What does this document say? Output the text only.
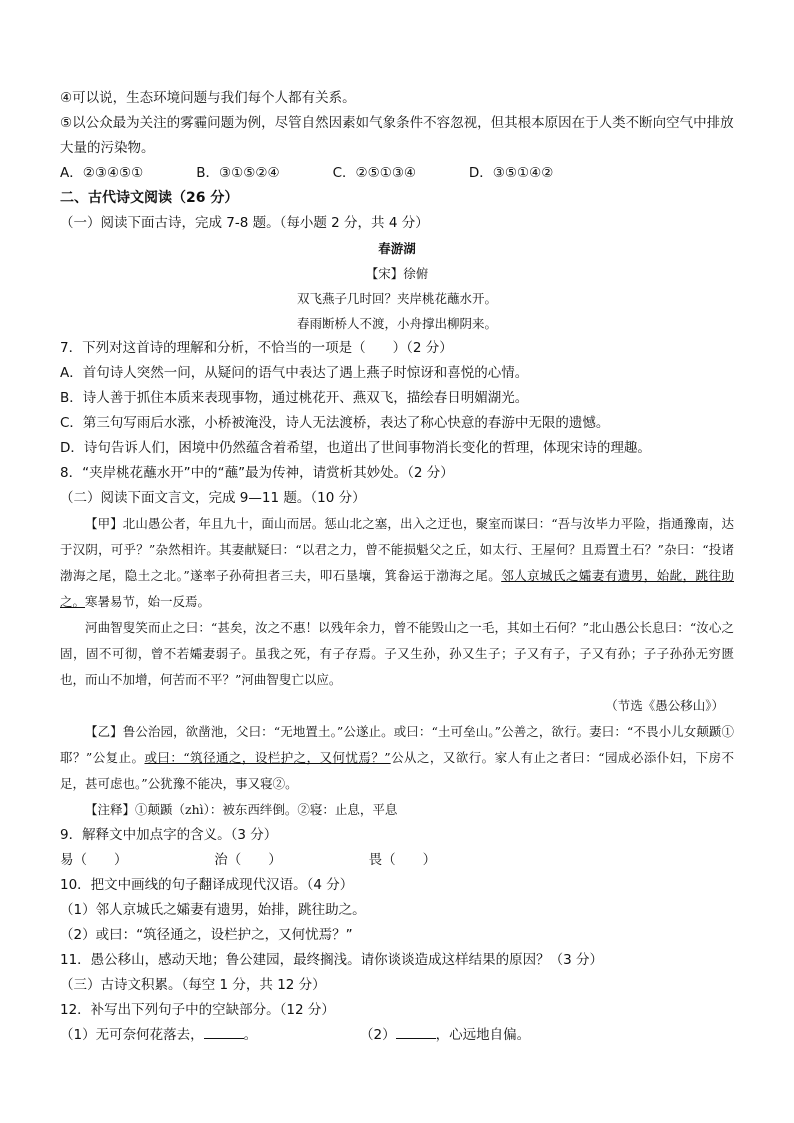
④可以说，生态环境问题与我们每个人都有关系。
⑤以公众最为关注的雾霾问题为例，尽管自然因素如气象条件不容忽视，但其根本原因在于人类不断向空气中排放大量的污染物。
A．②③④⑤①	B．③①⑤②④	C．②⑤①③④	D．③⑤①④②
二、古代诗文阅读（26 分）
（一）阅读下面古诗，完成 7-8 题。（每小题 2 分，共 4 分）
春游湖
【宋】徐俯
双飞燕子几时回？夹岸桃花蘸水开。
春雨断桥人不渡，小舟撑出柳阴来。
7．下列对这首诗的理解和分析，不恰当的一项是（　　）（2 分）
A．首句诗人突然一问，从疑问的语气中表达了遇上燕子时惊讶和喜悦的心情。
B．诗人善于抓住本质来表现事物，通过桃花开、燕双飞，描绘春日明媚湖光。
C．第三句写雨后水涨，小桥被淹没，诗人无法渡桥，表达了称心快意的春游中无限的遗憾。
D．诗句告诉人们，困境中仍然蕴含着希望，也道出了世间事物消长变化的哲理，体现宋诗的理趣。
8．“夹岸桃花蘸水开”中的“蘸”最为传神，请赏析其妙处。（2 分）
（二）阅读下面文言文，完成 9—11 题。（10 分）
【甲】北山愚公者，年且九十，面山而居。惩山北之塞，出入之迂也，聚室而谋曰：“吾与汝毕力平险，指通豫南，达于汉阴，可乎？”杂然相许。其妻献疑曰：“以君之力，曾不能损魁父之丘，如太行、王屋何？且焉置土石？”杂曰：“投诸渤海之尾，隐土之北。”遂率子孙荷担者三夫，叩石垦壤，箕畚运于渤海之尾。邻人京城氏之孀妻有遗男，始龀，跳往助之。寒暑易节，始一反焉。
河曲智叟笑而止之曰：“甚矣，汝之不惠！以残年余力，曾不能毁山之一毛，其如土石何？”北山愚公长息曰：“汝心之固，固不可彻，曾不若孀妻弱子。虽我之死，有子存焉。子又生孙，孙又生子；子又有子，子又有孙；子子孙孙无穷匮也，而山不加增，何苦而不平？”河曲智叟亡以应。
（节选《愚公移山》）
【乙】鲁公治园，欲凿池，父曰：“无地置土。”公遂止。或曰：“土可垒山。”公善之，欲行。妻曰：“不畏小儿女颠踬①耶？”公复止。或曰：“筑径通之，设栏护之，又何忧焉？”公从之，又欲行。家人有止之者曰：“园成必添仆妇，下房不足，甚可虑也。”公犹豫不能决，事又寝②。
【注释】①颠踬（zhì）：被东西绊倒。②寝：止息，平息
9．解释文中加点字的含义。（3 分）
易（　　）	治（　　）	畏（　　）
10．把文中画线的句子翻译成现代汉语。（4 分）
（1）邻人京城氏之孀妻有遗男，始排，跳往助之。
（2）或曰：“筑径通之，设栏护之，又何忧焉？”
11．愚公移山，感动天地；鲁公建园，最终搁浅。请你谈谈造成这样结果的原因？（3 分）
（三）古诗文积累。（每空 1 分，共 12 分）
12．补写出下列句子中的空缺部分。（12 分）
（1）无可奈何花落去，	。	（2）	，心远地自偏。
